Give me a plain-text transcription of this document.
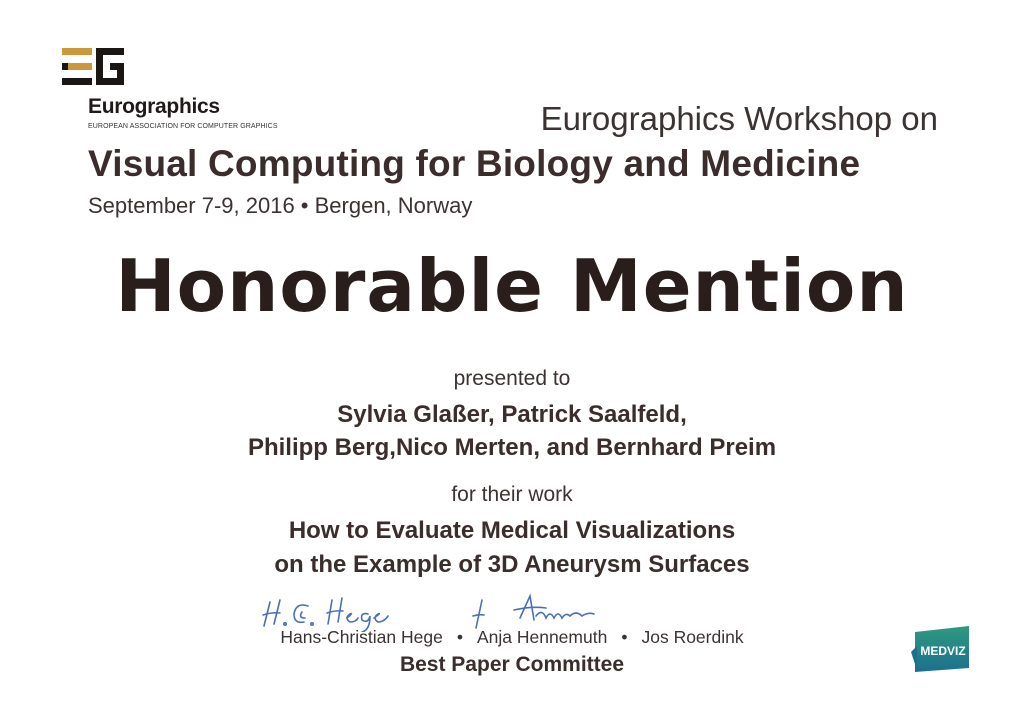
Eurographics
EUROPEAN ASSOCIATION FOR COMPUTER GRAPHICS	Eurographics Workshop on
Visual Computing for Biology and Medicine
September 7-9, 2016 • Bergen, Norway
Honorable Mention
presented to
Sylvia Glaßer, Patrick Saalfeld,
Philipp Berg,Nico Merten, and Bernhard Preim
for their work
How to Evaluate Medical Visualizations
on the Example of 3D Aneurysm Surfaces
Hans-Christian Hege • Anja Hennemuth • Jos Roerdink
Best Paper Committee
MEDVIZ
